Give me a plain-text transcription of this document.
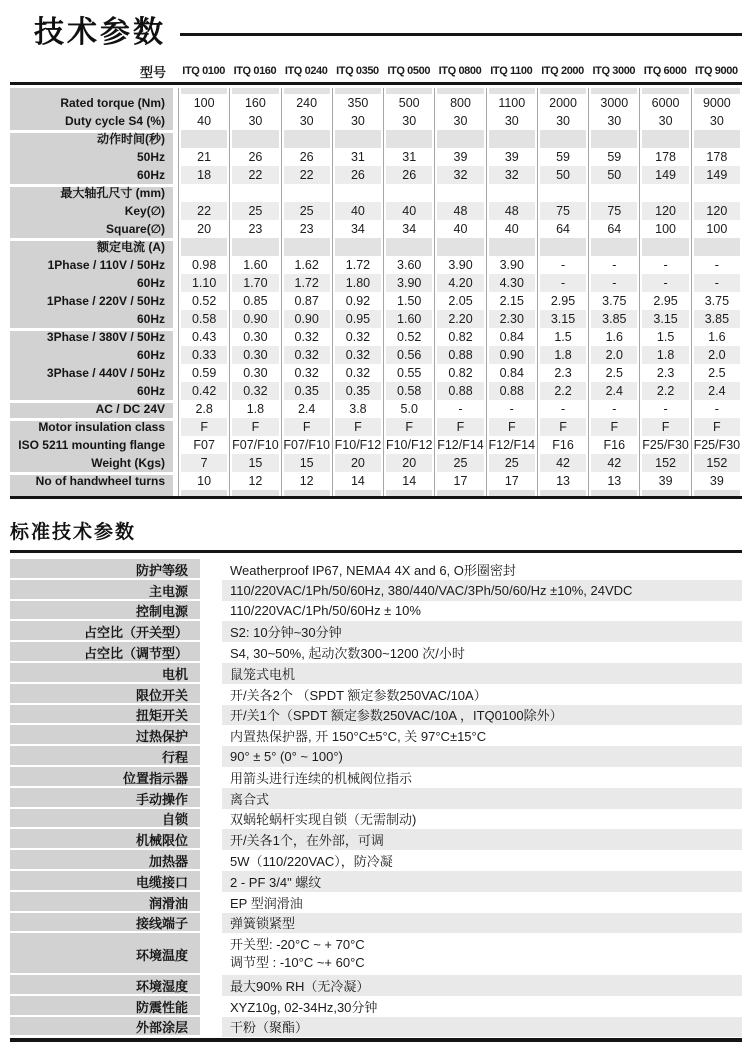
技术参数
型号	ITQ 0100 ITQ 0160 ITQ 0240 ITQ 0350 ITQ 0500 ITQ 0800 ITQ 1100 ITQ 2000 ITQ 3000 ITQ 6000 ITQ 9000
Rated torque (Nm)	100	160	240	350	500	800	1100	2000	3000	6000	9000
Duty cycle S4 (%)	40	30	30	30	30	30	30	30	30	30	30
动作时间(秒)
50Hz	21	26	26	31	31	39	39	59	59	178	178
60Hz	18	22	22	26	26	32	32	50	50	149	149
最大轴孔尺寸 (mm)
Key(∅)	22	25	25	40	40	48	48	75	75	120	120
Square(∅)	20	23	23	34	34	40	40	64	64	100	100
额定电流 (A)
1Phase / 110V / 50Hz	0.98	1.60	1.62	1.72	3.60	3.90	3.90	-	-	-	-
60Hz	1.10	1.70	1.72	1.80	3.90	4.20	4.30	-	-	-	-
1Phase / 220V / 50Hz	0.52	0.85	0.87	0.92	1.50	2.05	2.15	2.95	3.75	2.95	3.75
60Hz	0.58	0.90	0.90	0.95	1.60	2.20	2.30	3.15	3.85	3.15	3.85
3Phase / 380V / 50Hz	0.43	0.30	0.32	0.32	0.52	0.82	0.84	1.5	1.6	1.5	1.6
60Hz	0.33	0.30	0.32	0.32	0.56	0.88	0.90	1.8	2.0	1.8	2.0
3Phase / 440V / 50Hz	0.59	0.30	0.32	0.32	0.55	0.82	0.84	2.3	2.5	2.3	2.5
60Hz	0.42	0.32	0.35	0.35	0.58	0.88	0.88	2.2	2.4	2.2	2.4
AC / DC 24V	2.8	1.8	2.4	3.8	5.0	-	-	-	-	-	-
Motor insulation class	F	F	F	F	F	F	F	F	F	F	F
ISO 5211 mounting flange	F07	F07/F10 F07/F10 F10/F12 F10/F12 F12/F14 F12/F14	F16	F16	F25/F30 F25/F30
Weight (Kgs)	7	15	15	20	20	25	25	42	42	152	152
No of handwheel turns	10	12	12	14	14	17	17	13	13	39	39
标准技术参数
防护等级	Weatherproof IP67, NEMA4 4X and 6, O形圈密封
主电源	110/220VAC/1Ph/50/60Hz, 380/440/VAC/3Ph/50/60/Hz ±10%, 24VDC
控制电源	110/220VAC/1Ph/50/60Hz ± 10%
占空比（开关型）	S2: 10分钟~30分钟
占空比（调节型）	S4, 30~50%, 起动次数300~1200 次/小时
电机	鼠笼式电机
限位开关	开/关各2个 （SPDT 额定参数250VAC/10A）
扭矩开关	开/关1个（SPDT 额定参数250VAC/10A ，ITQ0100除外）
过热保护	内置热保护器, 开 150°C±5°C, 关 97°C±15°C
行程	90° ± 5° (0° ~ 100°)
位置指示器	用箭头进行连续的机械阀位指示
手动操作	离合式
自锁	双蜗轮蜗杆实现自锁（无需制动)
机械限位	开/关各1个，在外部，可调
加热器	5W（110/220VAC），防冷凝
电缆接口	2 - PF 3/4" 螺纹
润滑油	EP 型润滑油
接线端子	弹簧锁紧型
环境温度
开关型: -20°C ~ + 70°C
调节型 : -10°C ~+ 60°C
环境湿度	最大90% RH（无冷凝）
防震性能	XYZ10g, 02-34Hz,30分钟
外部涂层	干粉（聚酯）
